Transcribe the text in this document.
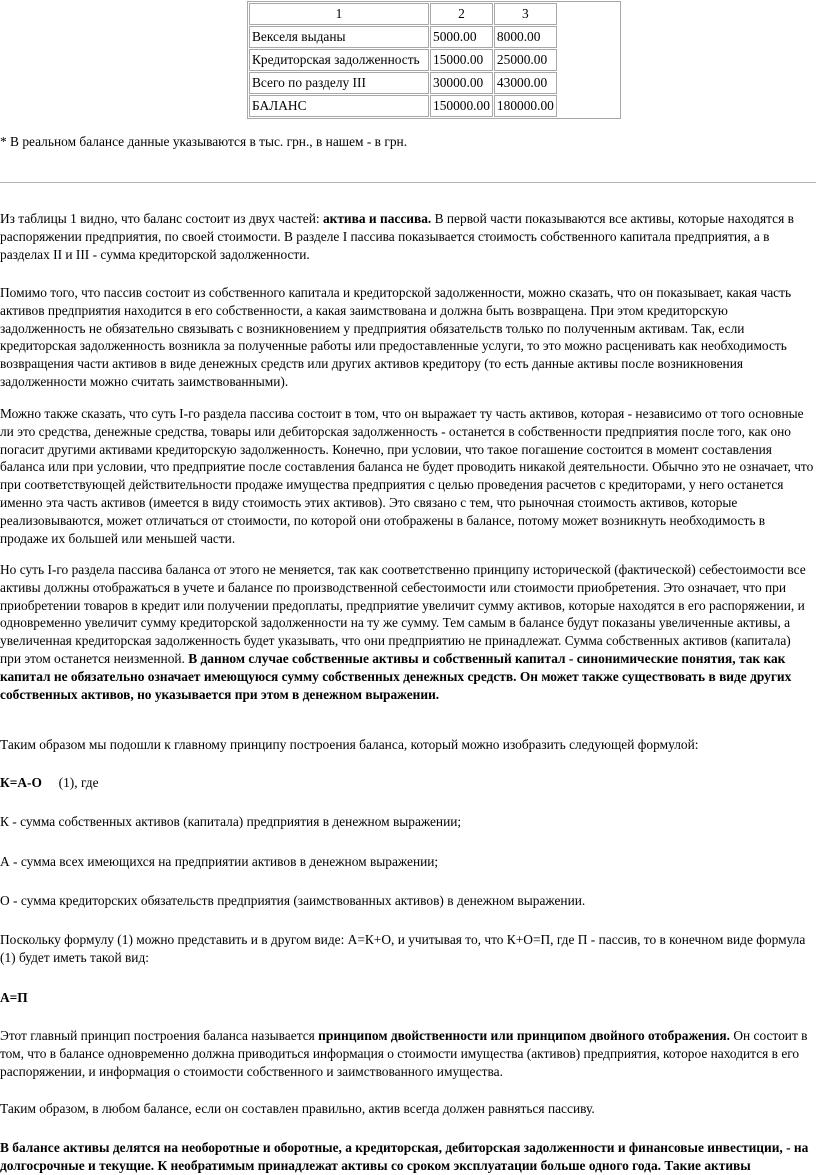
1	2	3
Векселя выданы	5000.00	8000.00
Кредиторская задолженность	15000.00	25000.00
Всего по разделу III	30000.00	43000.00
БАЛАНС	150000.00	180000.00

* В реальном балансе данные указываются в тыс. грн., в нашем - в грн.

Из таблицы 1 видно, что баланс состоит из двух частей: актива и пассива. В первой части показываются все активы, которые находятся в распоряжении предприятия, по своей стоимости. В разделе I пассива показывается стоимость собственного капитала предприятия, а в разделах II и III - сумма кредиторской задолженности.
Помимо того, что пассив состоит из собственного капитала и кредиторской задолженности, можно сказать, что он показывает, какая часть активов предприятия находится в его собственности, а какая заимствована и должна быть возвращена. При этом кредиторскую задолженность не обязательно связывать с возникновением у предприятия обязательств только по полученным активам. Так, если кредиторская задолженность возникла за полученные работы или предоставленные услуги, то это можно расценивать как необходимость возвращения части активов в виде денежных средств или других активов кредитору (то есть данные активы после возникновения задолженности можно считать заимствованными).
Можно также сказать, что суть I-го раздела пассива состоит в том, что он выражает ту часть активов, которая - независимо от того основные ли это средства, денежные средства, товары или дебиторская задолженность - останется в собственности предприятия после того, как оно погасит другими активами кредиторскую задолженность. Конечно, при условии, что такое погашение состоится в момент составления баланса или при условии, что предприятие после составления баланса не будет проводить никакой деятельности. Обычно это не означает, что при соответствующей действительности продаже имущества предприятия с целью проведения расчетов с кредиторами, у него останется именно эта часть активов (имеется в виду стоимость этих активов). Это связано с тем, что рыночная стоимость активов, которые реализовываются, может отличаться от стоимости, по которой они отображены в балансе, потому может возникнуть необходимость в продаже их большей или меньшей части.
Но суть I-го раздела пассива баланса от этого не меняется, так как соответственно принципу исторической (фактической) себестоимости все активы должны отображаться в учете и балансе по производственной себестоимости или стоимости приобретения. Это означает, что при приобретении товаров в кредит или получении предоплаты, предприятие увеличит сумму активов, которые находятся в его распоряжении, и одновременно увеличит сумму кредиторской задолженности на ту же сумму. Тем самым в балансе будут показаны увеличенные активы, а увеличенная кредиторская задолженность будет указывать, что они предприятию не принадлежат. Сумма собственных активов (капитала) при этом останется неизменной. В данном случае собственные активы и собственный капитал - синонимические понятия, так как капитал не обязательно означает имеющуюся сумму собственных денежных средств. Он может также существовать в виде других собственных активов, но указывается при этом в денежном выражении.
Таким образом мы подошли к главному принципу построения баланса, который можно изобразить следующей формулой:
К=А-О     (1), где
К - сумма собственных активов (капитала) предприятия в денежном выражении;
А - сумма всех имеющихся на предприятии активов в денежном выражении;
О - сумма кредиторских обязательств предприятия (заимствованных активов) в денежном выражении.
Поскольку формулу (1) можно представить и в другом виде: А=К+О, и учитывая то, что К+О=П, где П - пассив, то в конечном виде формула (1) будет иметь такой вид:
А=П
Этот главный принцип построения баланса называется принципом двойственности или принципом двойного отображения. Он состоит в том, что в балансе одновременно должна приводиться информация о стоимости имущества (активов) предприятия, которое находится в его распоряжении, и информация о стоимости собственного и заимствованного имущества.
Таким образом, в любом балансе, если он составлен правильно, актив всегда должен равняться пассиву.
В балансе активы делятся на необоротные и оборотные, а кредиторская, дебиторская задолженности и финансовые инвестиции, - на долгосрочные и текущие. К необратимым принадлежат активы со сроком эксплуатации больше одного года. Такие активы
